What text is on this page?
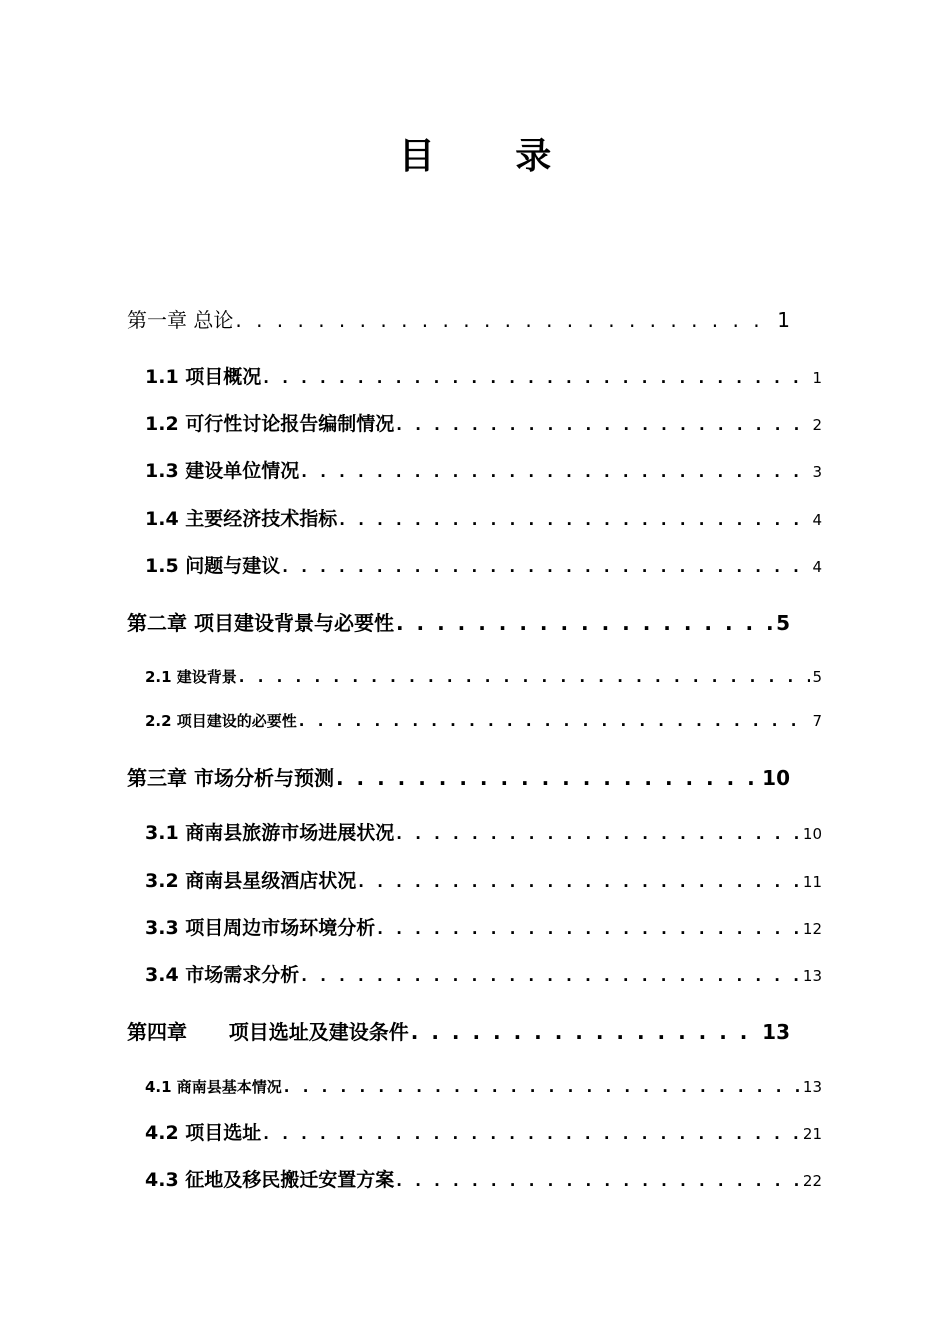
目 录
第一章 总论 . . .	1
1.1 项目概况 . . .	1
1.2 可行性讨论报告编制情况 . . .	2
1.3 建设单位情况 . . .	3
1.4 主要经济技术指标 . . .	4
1.5 问题与建议 . . .	4
第二章 项目建设背景与必要性 . . .	5
2.1 建设背景 . . .	5
2.2 项目建设的必要性 . . .	7
第三章 市场分析与预测 . . .	10
3.1 商南县旅游市场进展状况 . . .	10
3.2 商南县星级酒店状况 . . .	11
3.3 项目周边市场环境分析 . . .	12
3.4 市场需求分析 . . .	13
第四章      项目选址及建设条件 . . .	13
4.1 商南县基本情况 . . .	13
4.2 项目选址 . . .	21
4.3 征地及移民搬迁安置方案 . . .	22
